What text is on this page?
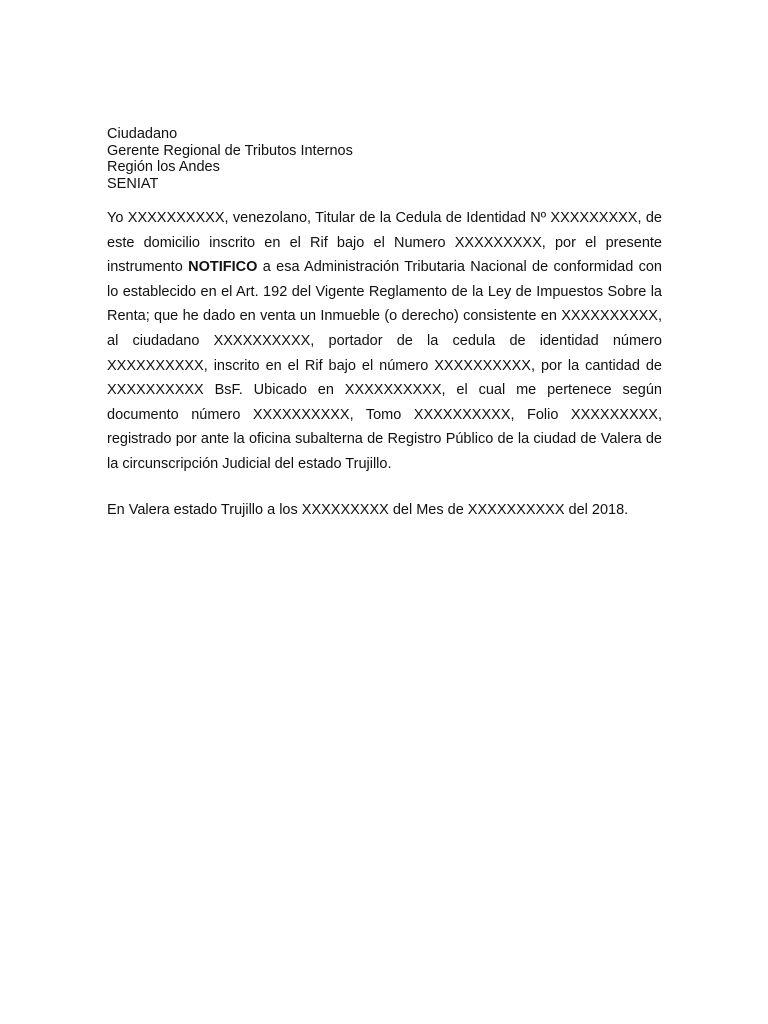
Ciudadano
Gerente Regional de Tributos Internos
Región los Andes
SENIAT

Yo XXXXXXXXXX, venezolano, Titular de la Cedula de Identidad Nº XXXXXXXXX, de este domicilio inscrito en el Rif bajo el Numero XXXXXXXXX, por el presente instrumento NOTIFICO a esa Administración Tributaria Nacional de conformidad con lo establecido en el Art. 192 del Vigente Reglamento de la Ley de Impuestos Sobre la Renta; que he dado en venta un Inmueble (o derecho) consistente en XXXXXXXXXX, al ciudadano XXXXXXXXXX, portador de la cedula de identidad número XXXXXXXXXX, inscrito en el Rif bajo el número XXXXXXXXXX, por la cantidad de XXXXXXXXXX BsF. Ubicado en XXXXXXXXXX, el cual me pertenece según documento número XXXXXXXXXX, Tomo XXXXXXXXXX, Folio XXXXXXXXX, registrado por ante la oficina subalterna de Registro Público de la ciudad de Valera de la circunscripción Judicial del estado Trujillo.

En Valera estado Trujillo a los XXXXXXXXX del Mes de XXXXXXXXXX del 2018.
